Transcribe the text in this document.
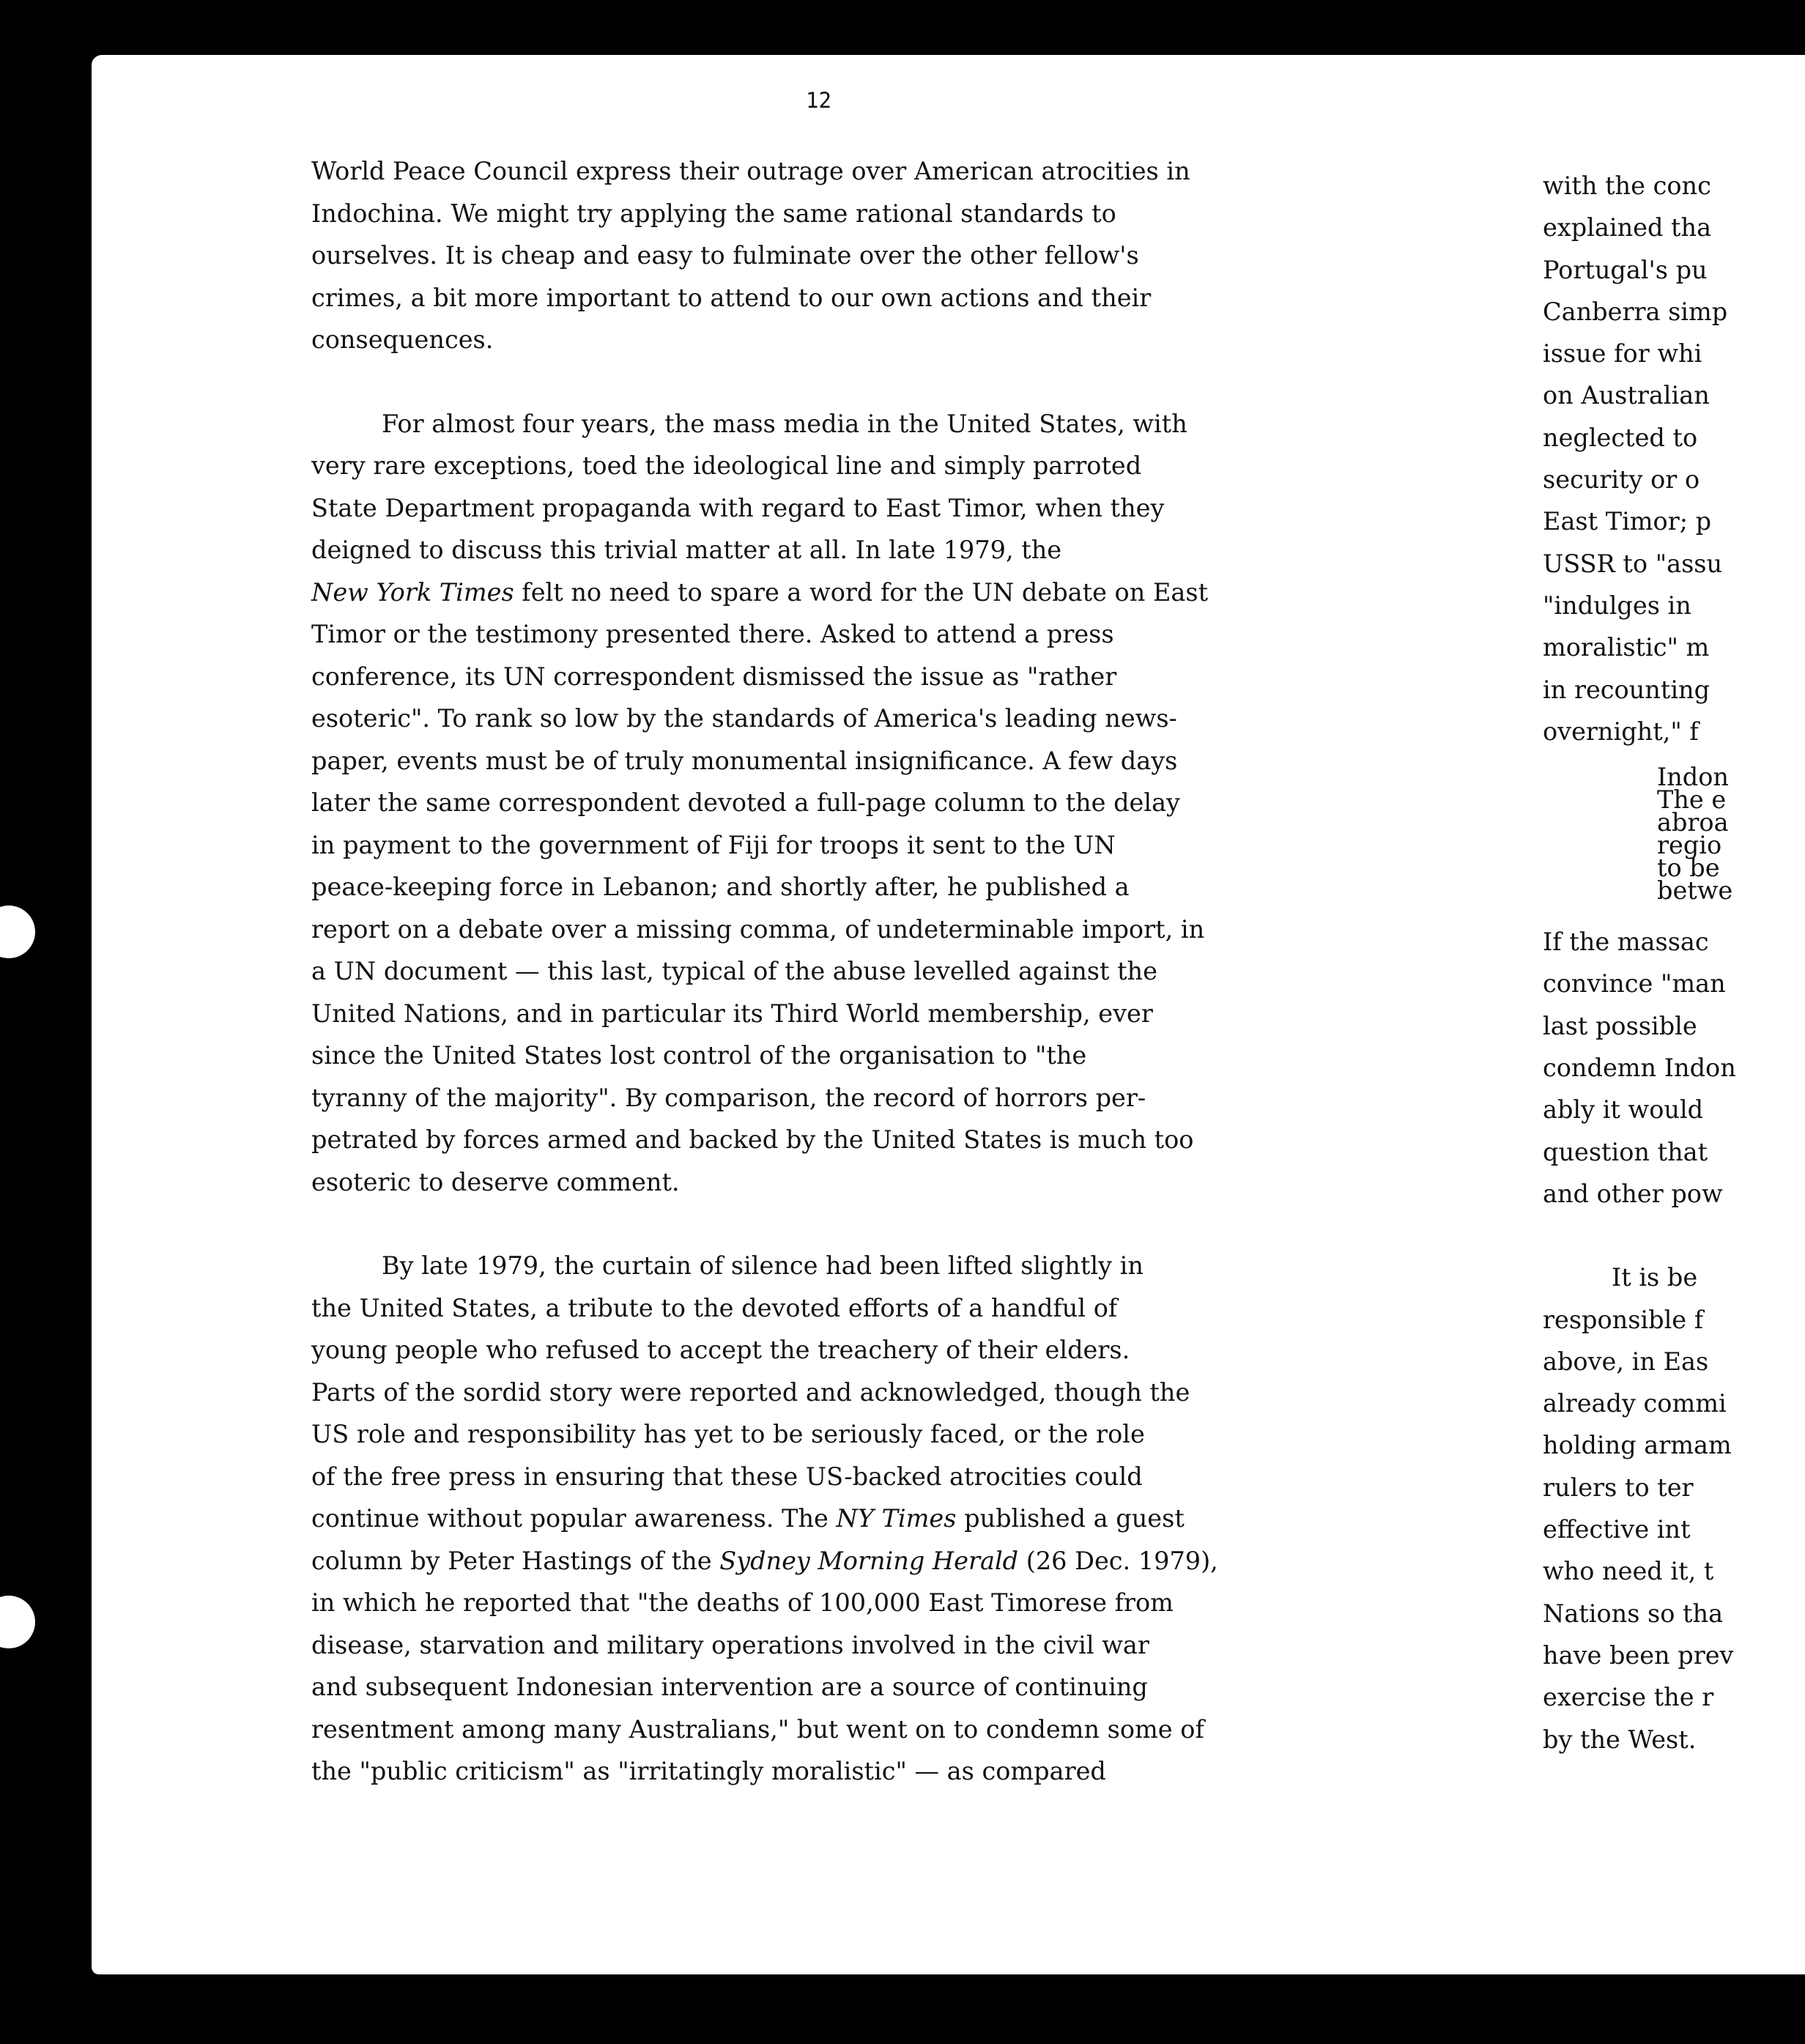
12
World Peace Council express their outrage over American atrocities in
Indochina. We might try applying the same rational standards to
ourselves. It is cheap and easy to fulminate over the other fellow's
crimes, a bit more important to attend to our own actions and their
consequences.
For almost four years, the mass media in the United States, with
very rare exceptions, toed the ideological line and simply parroted
State Department propaganda with regard to East Timor, when they
deigned to discuss this trivial matter at all. In late 1979, the
New York Times felt no need to spare a word for the UN debate on East
Timor or the testimony presented there. Asked to attend a press
conference, its UN correspondent dismissed the issue as "rather
esoteric". To rank so low by the standards of America's leading news-
paper, events must be of truly monumental insignificance. A few days
later the same correspondent devoted a full-page column to the delay
in payment to the government of Fiji for troops it sent to the UN
peace-keeping force in Lebanon; and shortly after, he published a
report on a debate over a missing comma, of undeterminable import, in
a UN document — this last, typical of the abuse levelled against the
United Nations, and in particular its Third World membership, ever
since the United States lost control of the organisation to "the
tyranny of the majority". By comparison, the record of horrors per-
petrated by forces armed and backed by the United States is much too
esoteric to deserve comment.
By late 1979, the curtain of silence had been lifted slightly in
the United States, a tribute to the devoted efforts of a handful of
young people who refused to accept the treachery of their elders.
Parts of the sordid story were reported and acknowledged, though the
US role and responsibility has yet to be seriously faced, or the role
of the free press in ensuring that these US-backed atrocities could
continue without popular awareness. The NY Times published a guest
column by Peter Hastings of the Sydney Morning Herald (26 Dec. 1979),
in which he reported that "the deaths of 100,000 East Timorese from
disease, starvation and military operations involved in the civil war
and subsequent Indonesian intervention are a source of continuing
resentment among many Australians," but went on to condemn some of
the "public criticism" as "irritatingly moralistic" — as compared
with the conc
explained tha
Portugal's pu
Canberra simp
issue for whi
on Australian
neglected to
security or o
East Timor; p
USSR to "assu
"indulges in
moralistic" m
in recounting
overnight," f
Indon
The e
abroa
regio
to be
betwe
If the massac
convince "man
last possible
condemn Indon
ably it would
question that
and other pow
It is be
responsible f
above, in Eas
already commi
holding armam
rulers to ter
effective int
who need it, t
Nations so tha
have been prev
exercise the r
by the West.
